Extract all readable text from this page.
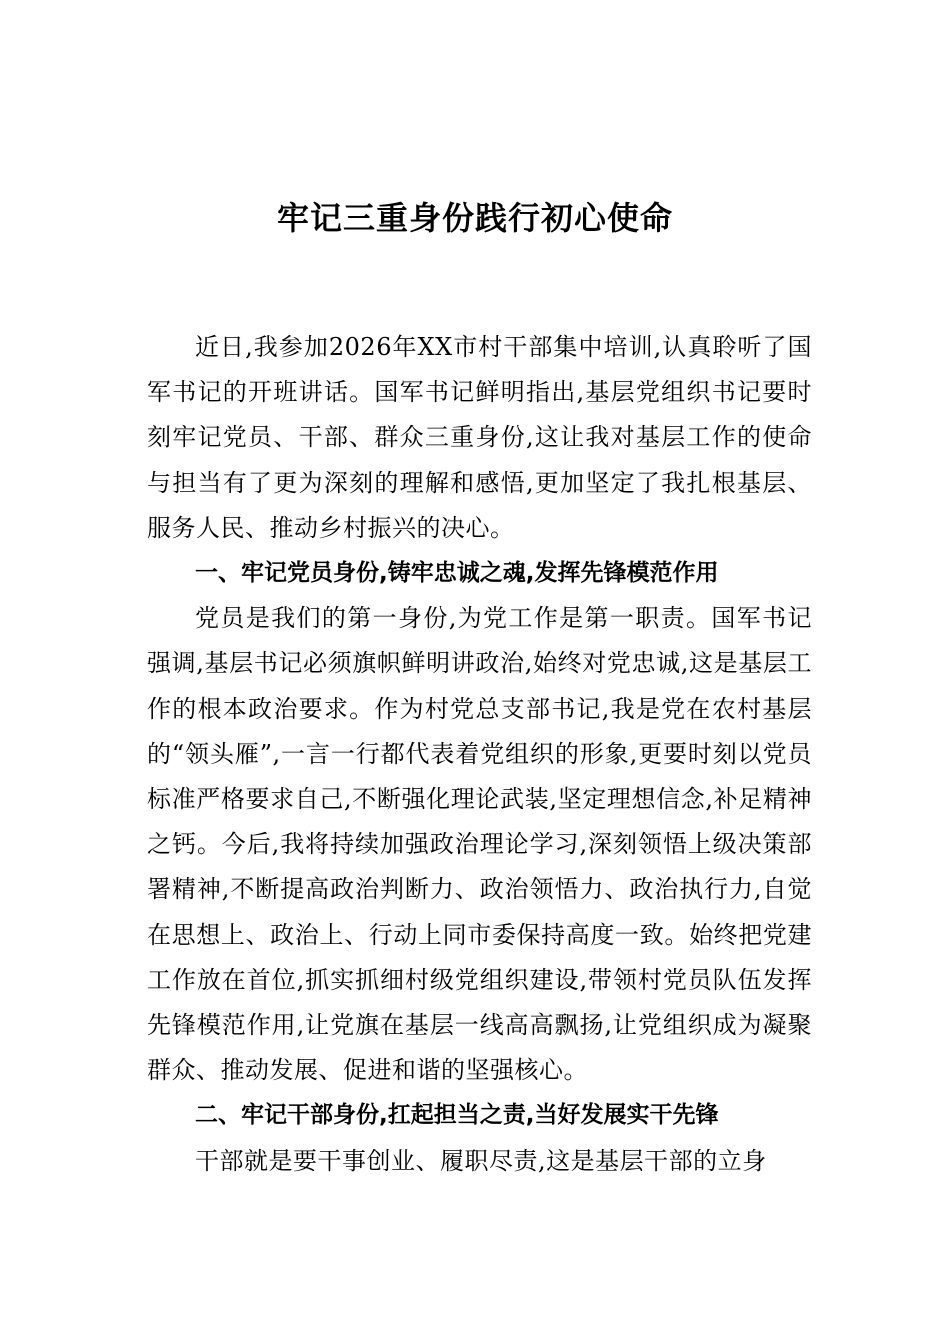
牢记三重身份践行初心使命

近日,我参加2026年XX市村干部集中培训,认真聆听了国军书记的开班讲话。国军书记鲜明指出,基层党组织书记要时刻牢记党员、干部、群众三重身份,这让我对基层工作的使命与担当有了更为深刻的理解和感悟,更加坚定了我扎根基层、服务人民、推动乡村振兴的决心。

一、牢记党员身份,铸牢忠诚之魂,发挥先锋模范作用

党员是我们的第一身份,为党工作是第一职责。国军书记强调,基层书记必须旗帜鲜明讲政治,始终对党忠诚,这是基层工作的根本政治要求。作为村党总支部书记,我是党在农村基层的“领头雁”,一言一行都代表着党组织的形象,更要时刻以党员标准严格要求自己,不断强化理论武装,坚定理想信念,补足精神之钙。今后,我将持续加强政治理论学习,深刻领悟上级决策部署精神,不断提高政治判断力、政治领悟力、政治执行力,自觉在思想上、政治上、行动上同市委保持高度一致。始终把党建工作放在首位,抓实抓细村级党组织建设,带领村党员队伍发挥先锋模范作用,让党旗在基层一线高高飘扬,让党组织成为凝聚群众、推动发展、促进和谐的坚强核心。

二、牢记干部身份,扛起担当之责,当好发展实干先锋

干部就是要干事创业、履职尽责,这是基层干部的立身
